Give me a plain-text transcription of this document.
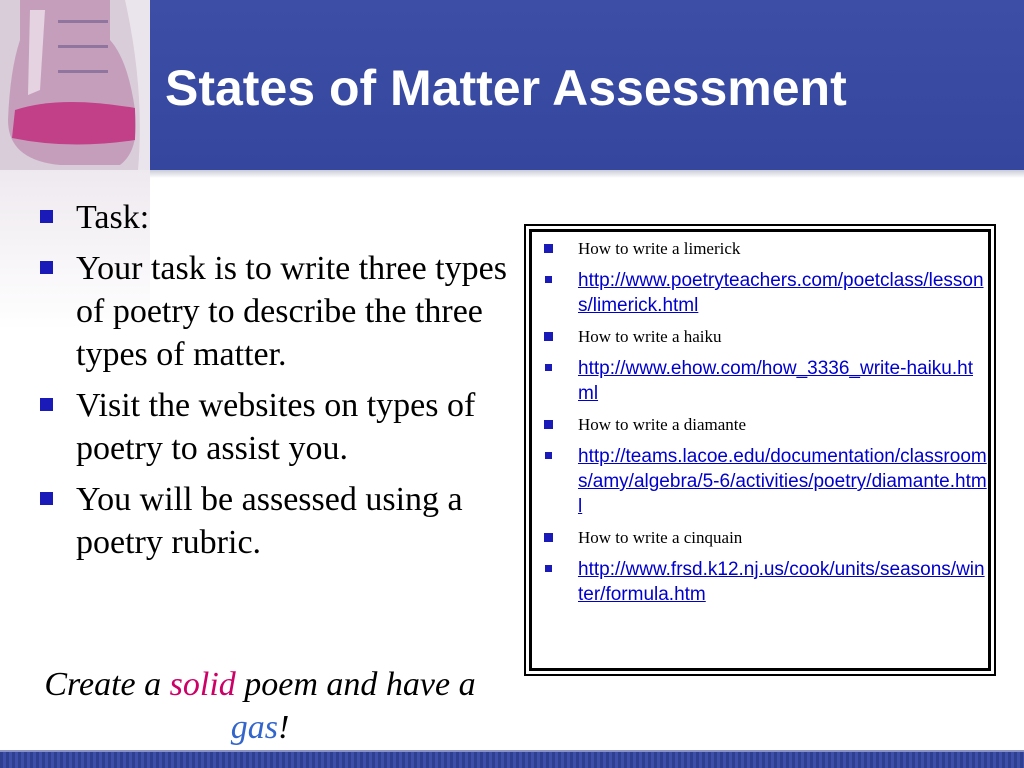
States of Matter Assessment
Task:
Your task is to write three types of poetry to describe the three types of matter.
Visit the websites on types of poetry to assist you.
You will be assessed using a poetry rubric.
Create a solid poem and have a gas!
How to write a limerick
http://www.poetryteachers.com/poetclass/lessons/limerick.html
How to write a haiku
http://www.ehow.com/how_3336_write-haiku.html
How to write a diamante
http://teams.lacoe.edu/documentation/classrooms/amy/algebra/5-6/activities/poetry/diamante.html
How to write a cinquain
http://www.frsd.k12.nj.us/cook/units/seasons/winter/formula.htm
